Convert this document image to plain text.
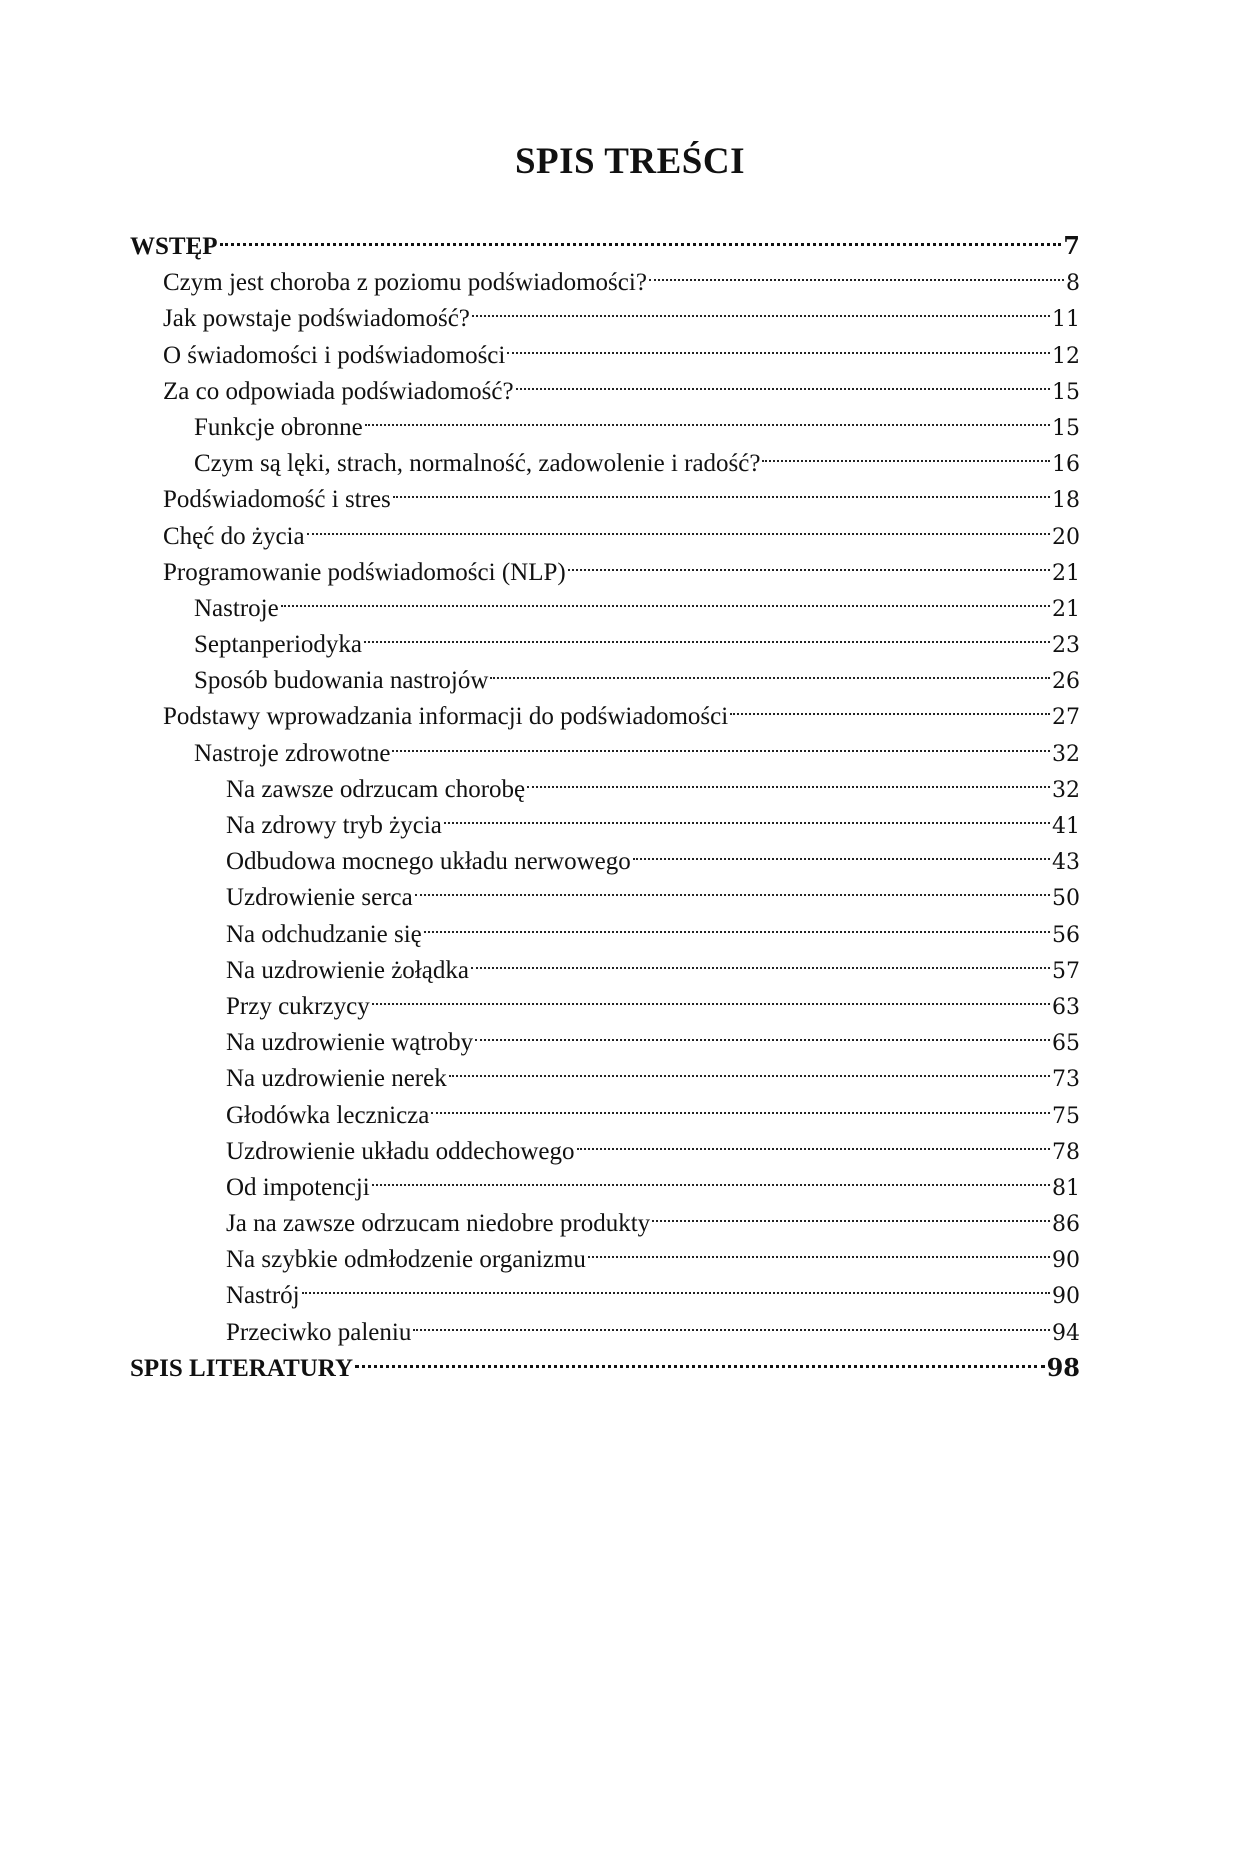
SPIS TREŚCI
WSTĘP	7
Czym jest choroba z poziomu podświadomości?	8
Jak powstaje podświadomość?	11
O świadomości i podświadomości	12
Za co odpowiada podświadomość?	15
Funkcje obronne	15
Czym są lęki, strach, normalność, zadowolenie i radość?	16
Podświadomość i stres	18
Chęć do życia	20
Programowanie podświadomości (NLP)	21
Nastroje	21
Septanperiodyka	23
Sposób budowania nastrojów	26
Podstawy wprowadzania informacji do podświadomości	27
Nastroje zdrowotne	32
Na zawsze odrzucam chorobę	32
Na zdrowy tryb życia	41
Odbudowa mocnego układu nerwowego	43
Uzdrowienie serca	50
Na odchudzanie się	56
Na uzdrowienie żołądka	57
Przy cukrzycy	63
Na uzdrowienie wątroby	65
Na uzdrowienie nerek	73
Głodówka lecznicza	75
Uzdrowienie układu oddechowego	78
Od impotencji	81
Ja na zawsze odrzucam niedobre produkty	86
Na szybkie odmłodzenie organizmu	90
Nastrój	90
Przeciwko paleniu	94
SPIS LITERATURY	98
